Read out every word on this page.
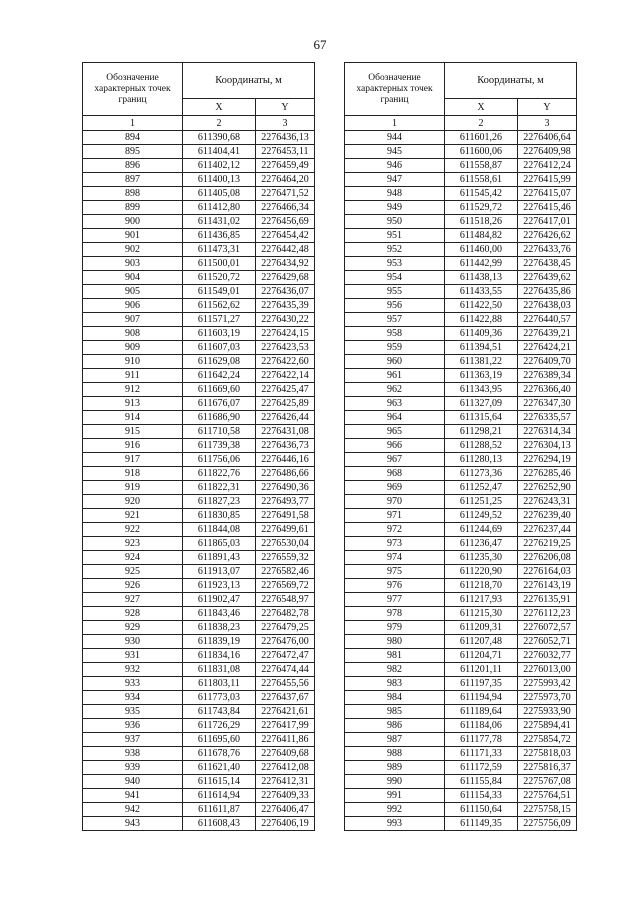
67
Обозначение характерных точек границ	Координаты, м	
	X	Y
1	2	3
894	611390,68	2276436,13
895	611404,41	2276453,11
896	611402,12	2276459,49
897	611400,13	2276464,20
898	611405,08	2276471,52
899	611412,80	2276466,34
900	611431,02	2276456,69
901	611436,85	2276454,42
902	611473,31	2276442,48
903	611500,01	2276434,92
904	611520,72	2276429,68
905	611549,01	2276436,07
906	611562,62	2276435,39
907	611571,27	2276430,22
908	611603,19	2276424,15
909	611607,03	2276423,53
910	611629,08	2276422,60
911	611642,24	2276422,14
912	611669,60	2276425,47
913	611676,07	2276425,89
914	611686,90	2276426,44
915	611710,58	2276431,08
916	611739,38	2276436,73
917	611756,06	2276446,16
918	611822,76	2276486,66
919	611822,31	2276490,36
920	611827,23	2276493,77
921	611830,85	2276491,58
922	611844,08	2276499,61
923	611865,03	2276530,04
924	611891,43	2276559,32
925	611913,07	2276582,46
926	611923,13	2276569,72
927	611902,47	2276548,97
928	611843,46	2276482,78
929	611838,23	2276479,25
930	611839,19	2276476,00
931	611834,16	2276472,47
932	611831,08	2276474,44
933	611803,11	2276455,56
934	611773,03	2276437,67
935	611743,84	2276421,61
936	611726,29	2276417,99
937	611695,60	2276411,86
938	611678,76	2276409,68
939	611621,40	2276412,08
940	611615,14	2276412,31
941	611614,94	2276409,33
942	611611,87	2276406,47
943	611608,43	2276406,19
Обозначение характерных точек границ	Координаты, м	
	X	Y
1	2	3
944	611601,26	2276406,64
945	611600,06	2276409,98
946	611558,87	2276412,24
947	611558,61	2276415,99
948	611545,42	2276415,07
949	611529,72	2276415,46
950	611518,26	2276417,01
951	611484,82	2276426,62
952	611460,00	2276433,76
953	611442,99	2276438,45
954	611438,13	2276439,62
955	611433,55	2276435,86
956	611422,50	2276438,03
957	611422,88	2276440,57
958	611409,36	2276439,21
959	611394,51	2276424,21
960	611381,22	2276409,70
961	611363,19	2276389,34
962	611343,95	2276366,40
963	611327,09	2276347,30
964	611315,64	2276335,57
965	611298,21	2276314,34
966	611288,52	2276304,13
967	611280,13	2276294,19
968	611273,36	2276285,46
969	611252,47	2276252,90
970	611251,25	2276243,31
971	611249,52	2276239,40
972	611244,69	2276237,44
973	611236,47	2276219,25
974	611235,30	2276206,08
975	611220,90	2276164,03
976	611218,70	2276143,19
977	611217,93	2276135,91
978	611215,30	2276112,23
979	611209,31	2276072,57
980	611207,48	2276052,71
981	611204,71	2276032,77
982	611201,11	2276013,00
983	611197,35	2275993,42
984	611194,94	2275973,70
985	611189,64	2275933,90
986	611184,06	2275894,41
987	611177,78	2275854,72
988	611171,33	2275818,03
989	611172,59	2275816,37
990	611155,84	2275767,08
991	611154,33	2275764,51
992	611150,64	2275758,15
993	611149,35	2275756,09
